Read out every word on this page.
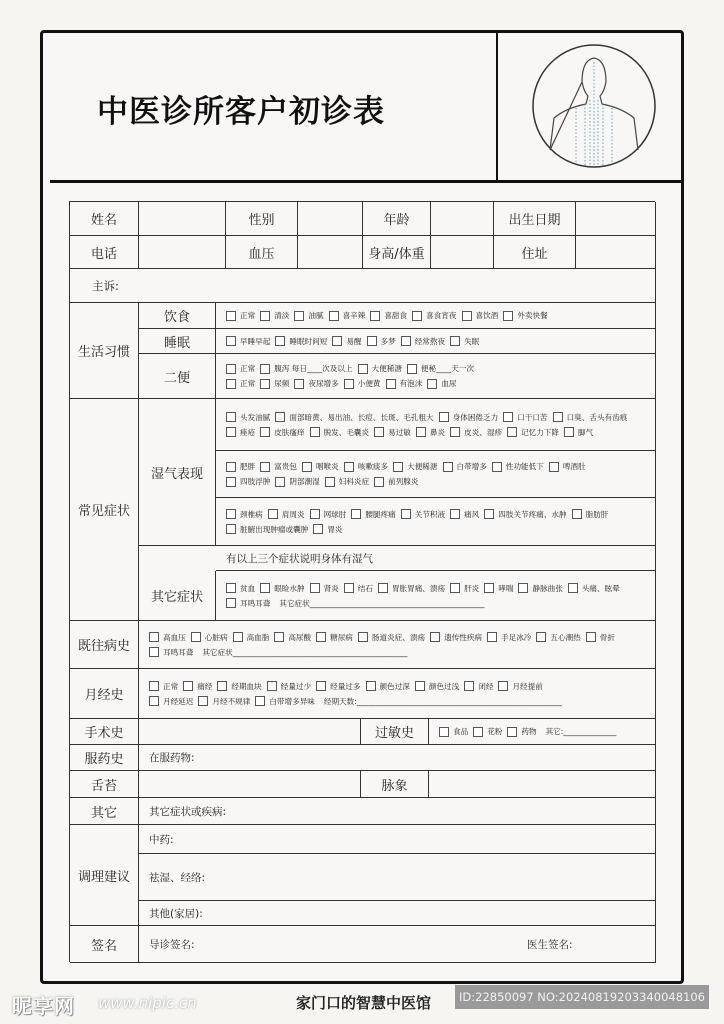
中医诊所客户初诊表
姓名	性别	年龄	出生日期
电话	血压	身高/体重	住址
主诉:
生活习惯
饮食	正常	清淡	油腻	喜辛辣	喜甜食	喜食宵夜	喜饮酒	外卖快餐
睡眠	早睡早起	睡眠时间短	易醒	多梦	经常熬夜	失眠
二便
正常	腹泻 每日____次及以上	大便稀溏	便秘____天一次
正常	尿频	夜尿增多	小便黄	有泡沫	血尿
常见症状
湿气表现
头发油腻	面部暗黄、易出油、长痘、长斑、毛孔粗大	身体困倦乏力	口干口苦	口臭、舌头有齿痕
痤疮	皮肤瘙痒	脱发、毛囊炎	易过敏	鼻炎	皮炎、湿疹	记忆力下降	脚气
肥胖	富贵包	咽喉炎	咳嗽痰多	大便稀溏	白带增多	性功能低下	啤酒肚
四肢浮肿	阴部潮湿	妇科炎症	前列腺炎
颈椎病	肩周炎	网球肘	腰腿疼痛	关节积液	痛风	四肢关节疼痛、水肿	脂肪肝
脏腑出现肿瘤或囊肿	胃炎
有以上三个症状说明身体有湿气
其它症状
贫血	眼睑水肿	肾炎	结石	胃胀胃痛、溃疡	肝炎	哮喘	静脉曲张	头痛、眩晕
耳鸣耳聋 其它症状______________________________________________
既往病史
高血压	心脏病	高血脂	高尿酸	糖尿病	肠道炎症、溃疡	遗传性疾病	手足冰冷	五心潮热	骨折
耳鸣耳聋 其它症状______________________________________________
月经史
正常	痛经	经期血块	经量过少	经量过多	颜色过深	颜色过浅	闭经	月经提前
月经延迟	月经不规律	白带增多异味 经期天数:______________________________________________________
手术史	过敏史	食品	花粉	药物 其它:______________
服药史	在服药物:
舌苔	脉象
其它	其它症状或疾病:
调理建议
中药:
祛湿、经络:
其他(家居):
签名	导诊签名:	医生签名:
昵享网 www.nipic.cn	家门口的智慧中医馆	ID:22850097 NO:20240819203340048106
